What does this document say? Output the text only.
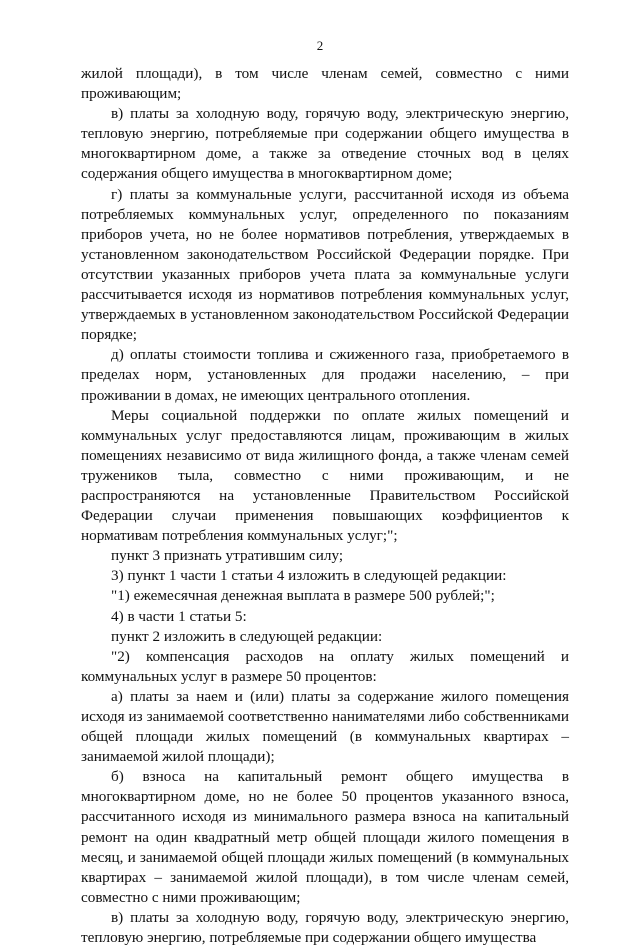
2

жилой площади), в том числе членам семей, совместно с ними проживающим;

в) платы за холодную воду, горячую воду, электрическую энергию, тепловую энергию, потребляемые при содержании общего имущества в многоквартирном доме, а также за отведение сточных вод в целях содержания общего имущества в многоквартирном доме;

г) платы за коммунальные услуги, рассчитанной исходя из объема потребляемых коммунальных услуг, определенного по показаниям приборов учета, но не более нормативов потребления, утверждаемых в установленном законодательством Российской Федерации порядке. При отсутствии указанных приборов учета плата за коммунальные услуги рассчитывается исходя из нормативов потребления коммунальных услуг, утверждаемых в установленном законодательством Российской Федерации порядке;

д) оплаты стоимости топлива и сжиженного газа, приобретаемого в пределах норм, установленных для продажи населению, – при проживании в домах, не имеющих центрального отопления.

Меры социальной поддержки по оплате жилых помещений и коммунальных услуг предоставляются лицам, проживающим в жилых помещениях независимо от вида жилищного фонда, а также членам семей тружеников тыла, совместно с ними проживающим, и не распространяются на установленные Правительством Российской Федерации случаи применения повышающих коэффициентов к нормативам потребления коммунальных услуг;";

пункт 3 признать утратившим силу;

3) пункт 1 части 1 статьи 4 изложить в следующей редакции:

"1) ежемесячная денежная выплата в размере 500 рублей;";

4) в части 1 статьи 5:

пункт 2 изложить в следующей редакции:

"2) компенсация расходов на оплату жилых помещений и коммунальных услуг в размере 50 процентов:

а) платы за наем и (или) платы за содержание жилого помещения исходя из занимаемой соответственно нанимателями либо собственниками общей площади жилых помещений (в коммунальных квартирах – занимаемой жилой площади);

б) взноса на капитальный ремонт общего имущества в многоквартирном доме, но не более 50 процентов указанного взноса, рассчитанного исходя из минимального размера взноса на капитальный ремонт на один квадратный метр общей площади жилого помещения в месяц, и занимаемой общей площади жилых помещений (в коммунальных квартирах – занимаемой жилой площади), в том числе членам семей, совместно с ними проживающим;

в) платы за холодную воду, горячую воду, электрическую энергию, тепловую энергию, потребляемые при содержании общего имущества
